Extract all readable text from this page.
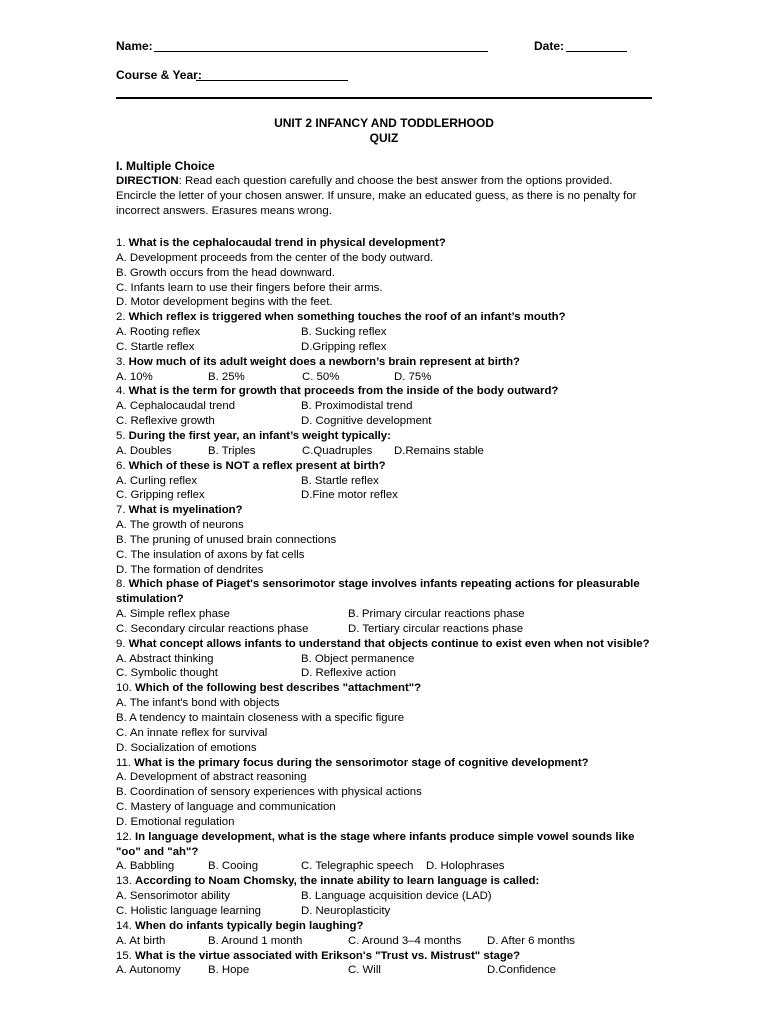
Name:	Date:
Course & Year:
UNIT 2 INFANCY AND TODDLERHOOD
QUIZ
I. Multiple Choice
DIRECTION: Read each question carefully and choose the best answer from the options provided. Encircle the letter of your chosen answer. If unsure, make an educated guess, as there is no penalty for incorrect answers. Erasures means wrong.
1. What is the cephalocaudal trend in physical development?
A. Development proceeds from the center of the body outward.
B. Growth occurs from the head downward.
C. Infants learn to use their fingers before their arms.
D. Motor development begins with the feet.
2. Which reflex is triggered when something touches the roof of an infant’s mouth?
A. Rooting reflex	B. Sucking reflex
C. Startle reflex	D.Gripping reflex
3. How much of its adult weight does a newborn’s brain represent at birth?
A. 10%	B. 25%	C. 50%	D. 75%
4. What is the term for growth that proceeds from the inside of the body outward?
A. Cephalocaudal trend	B. Proximodistal trend
C. Reflexive growth	D. Cognitive development
5. During the first year, an infant’s weight typically:
A. Doubles	B. Triples	C.Quadruples D.Remains stable
6. Which of these is NOT a reflex present at birth?
A. Curling reflex	B. Startle reflex
C. Gripping reflex	D.Fine motor reflex
7. What is myelination?
A. The growth of neurons
B. The pruning of unused brain connections
C. The insulation of axons by fat cells
D. The formation of dendrites
8. Which phase of Piaget's sensorimotor stage involves infants repeating actions for pleasurable stimulation?
A. Simple reflex phase	B. Primary circular reactions phase
C. Secondary circular reactions phase	D. Tertiary circular reactions phase
9. What concept allows infants to understand that objects continue to exist even when not visible?
A. Abstract thinking	B. Object permanence
C. Symbolic thought	D. Reflexive action
10. Which of the following best describes "attachment"?
A. The infant's bond with objects
B. A tendency to maintain closeness with a specific figure
C. An innate reflex for survival
D. Socialization of emotions
11. What is the primary focus during the sensorimotor stage of cognitive development?
A. Development of abstract reasoning
B. Coordination of sensory experiences with physical actions
C. Mastery of language and communication
D. Emotional regulation
12. In language development, what is the stage where infants produce simple vowel sounds like "oo" and "ah"?
A. Babbling	B. Cooing	C. Telegraphic speech D. Holophrases
13. According to Noam Chomsky, the innate ability to learn language is called:
A. Sensorimotor ability	B. Language acquisition device (LAD)
C. Holistic language learning	D. Neuroplasticity
14. When do infants typically begin laughing?
A. At birth	B. Around 1 month	C. Around 3–4 months D. After 6 months
15. What is the virtue associated with Erikson's "Trust vs. Mistrust" stage?
A. Autonomy B. Hope	C. Will	D.Confidence
